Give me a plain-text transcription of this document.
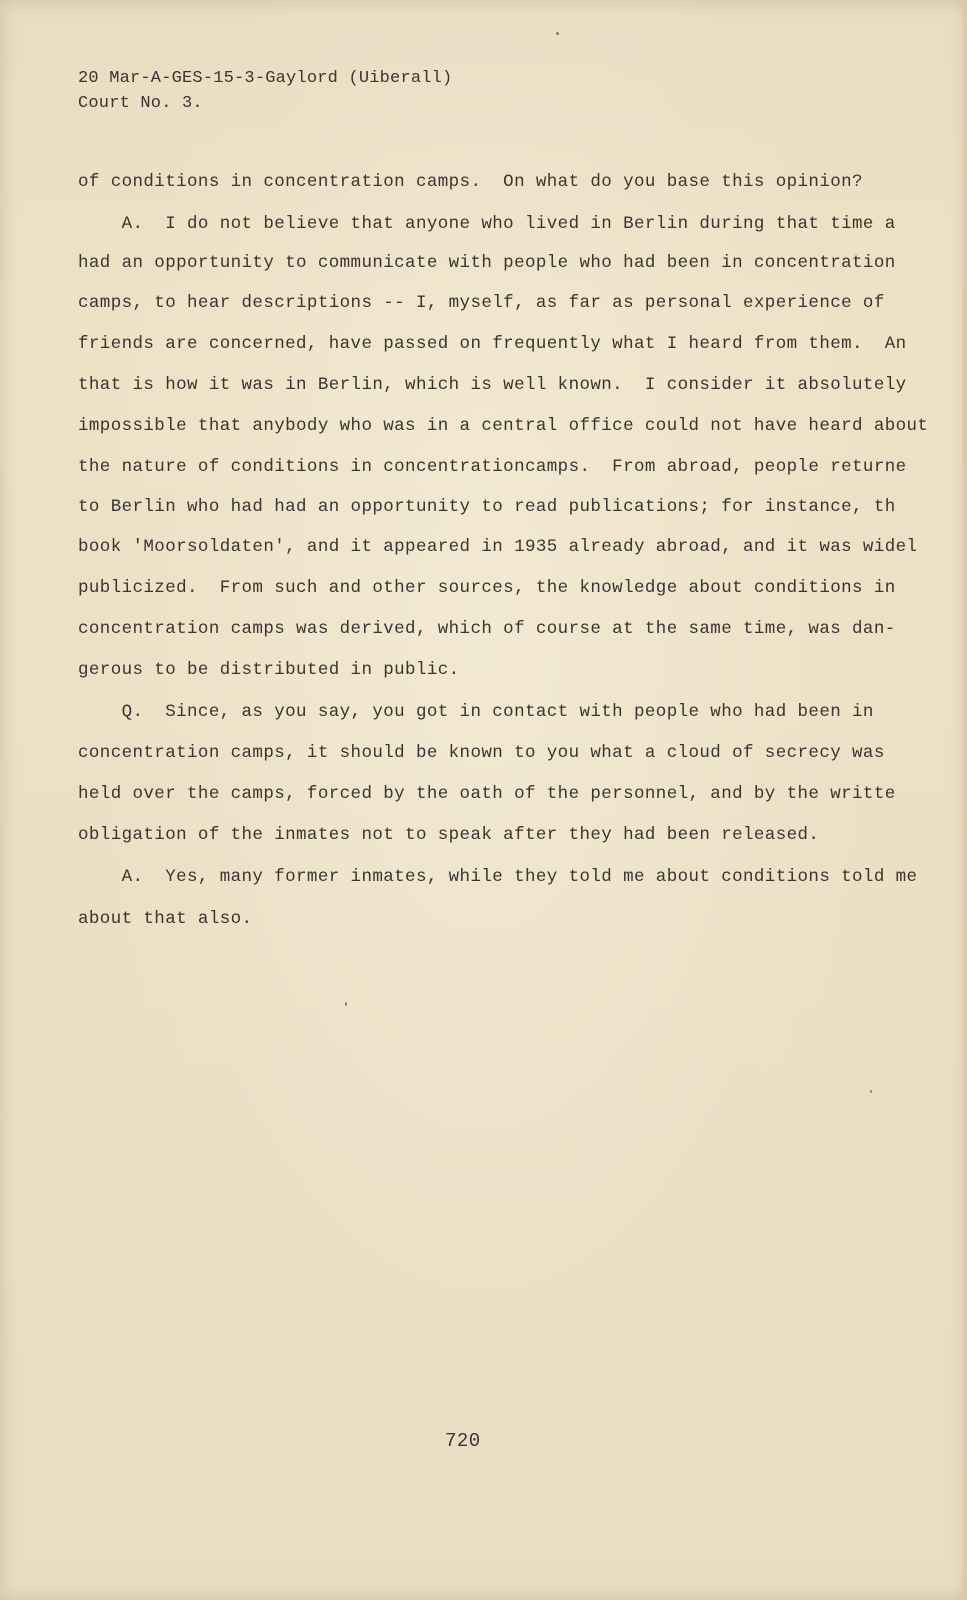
20 Mar-A-GES-15-3-Gaylord (Uiberall)
Court No. 3.
of conditions in concentration camps.  On what do you base this opinion?
A.  I do not believe that anyone who lived in Berlin during that time a
had an opportunity to communicate with people who had been in concentration
camps, to hear descriptions -- I, myself, as far as personal experience of
friends are concerned, have passed on frequently what I heard from them.  An
that is how it was in Berlin, which is well known.  I consider it absolutely
impossible that anybody who was in a central office could not have heard about
the nature of conditions in concentrationcamps.  From abroad, people returne
to Berlin who had had an opportunity to read publications; for instance, th
book 'Moorsoldaten', and it appeared in 1935 already abroad, and it was widel
publicized.  From such and other sources, the knowledge about conditions in
concentration camps was derived, which of course at the same time, was dan-
gerous to be distributed in public.
Q.  Since, as you say, you got in contact with people who had been in
concentration camps, it should be known to you what a cloud of secrecy was
held over the camps, forced by the oath of the personnel, and by the writte
obligation of the inmates not to speak after they had been released.
A.  Yes, many former inmates, while they told me about conditions told me
about that also.
720
